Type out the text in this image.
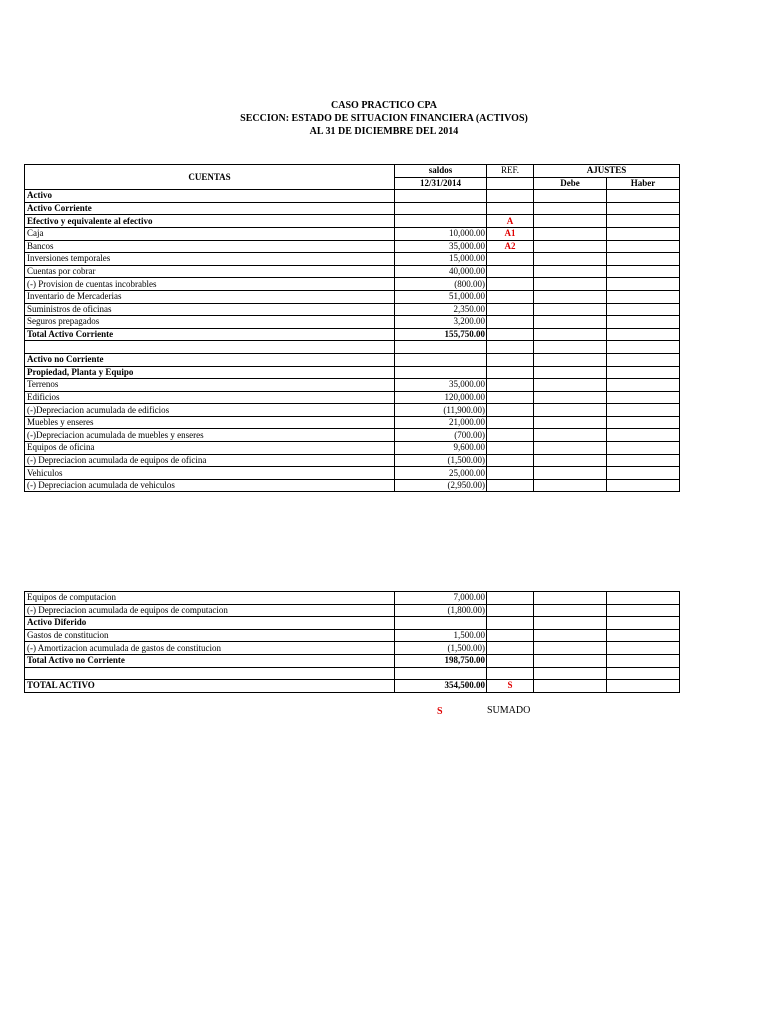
CASO PRACTICO CPA
SECCION: ESTADO DE SITUACION FINANCIERA (ACTIVOS)
AL 31 DE DICIEMBRE DEL 2014
CUENTAS	saldos	REF.	AJUSTES	
	12/31/2014		Debe	Haber
Activo				
Activo Corriente				
Efectivo y equivalente al efectivo		A		
Caja	10,000.00	A1		
Bancos	35,000.00	A2		
Inversiones temporales	15,000.00			
Cuentas por cobrar	40,000.00			
(-) Provision de cuentas incobrables	(800.00)			
Inventario de Mercaderias	51,000.00			
Suministros de oficinas	2,350.00			
Seguros prepagados	3,200.00			
Total Activo Corriente	155,750.00			

Activo no Corriente				
Propiedad, Planta y Equipo				
Terrenos	35,000.00			
Edificios	120,000.00			
(-)Depreciacion acumulada de edificios	(11,900.00)			
Muebles y enseres	21,000.00			
(-)Depreciacion acumulada de muebles y enseres	(700.00)			
Equipos de oficina	9,600.00			
(-) Depreciacion acumulada de equipos de oficina	(1,500.00)			
Vehiculos	25,000.00			
(-) Depreciacion acumulada de vehiculos	(2,950.00)			
Equipos de computacion	7,000.00			
(-) Depreciacion acumulada de equipos de computacion	(1,800.00)			
Activo Diferido				
Gastos de constitucion	1,500.00			
(-) Amortizacion acumulada de gastos de constitucion	(1,500.00)			
Total Activo no Corriente	198,750.00			

TOTAL ACTIVO	354,500.00	S		
S	SUMADO
